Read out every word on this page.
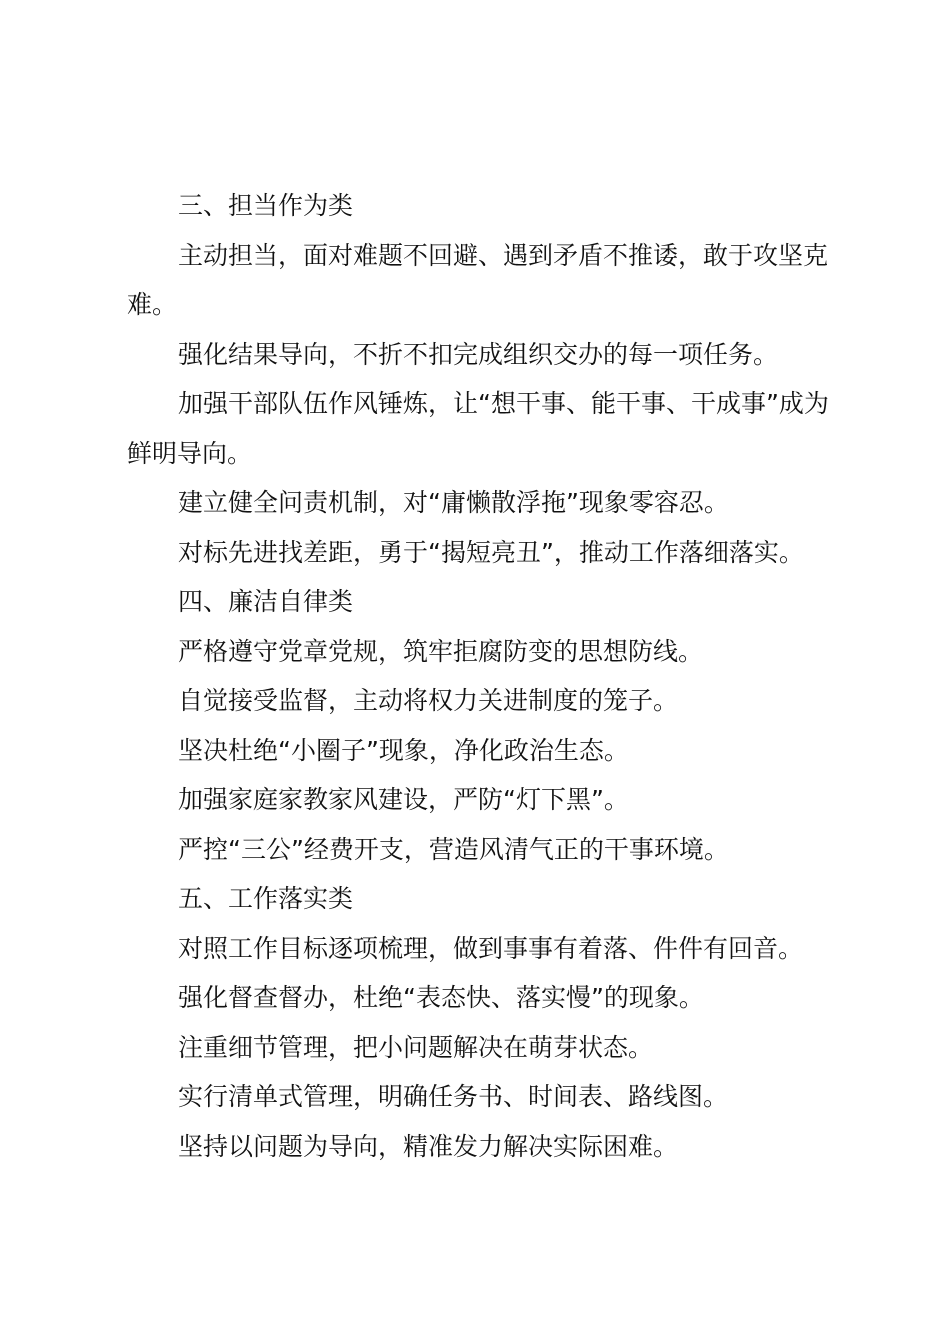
三、担当作为类

主动担当，面对难题不回避、遇到矛盾不推诿，敢于攻坚克难。

强化结果导向，不折不扣完成组织交办的每一项任务。

加强干部队伍作风锤炼，让“想干事、能干事、干成事”成为鲜明导向。

建立健全问责机制，对“庸懒散浮拖”现象零容忍。

对标先进找差距，勇于“揭短亮丑”，推动工作落细落实。

四、廉洁自律类

严格遵守党章党规，筑牢拒腐防变的思想防线。

自觉接受监督，主动将权力关进制度的笼子。

坚决杜绝“小圈子”现象，净化政治生态。

加强家庭家教家风建设，严防“灯下黑”。

严控“三公”经费开支，营造风清气正的干事环境。

五、工作落实类

对照工作目标逐项梳理，做到事事有着落、件件有回音。

强化督查督办，杜绝“表态快、落实慢”的现象。

注重细节管理，把小问题解决在萌芽状态。

实行清单式管理，明确任务书、时间表、路线图。

坚持以问题为导向，精准发力解决实际困难。
